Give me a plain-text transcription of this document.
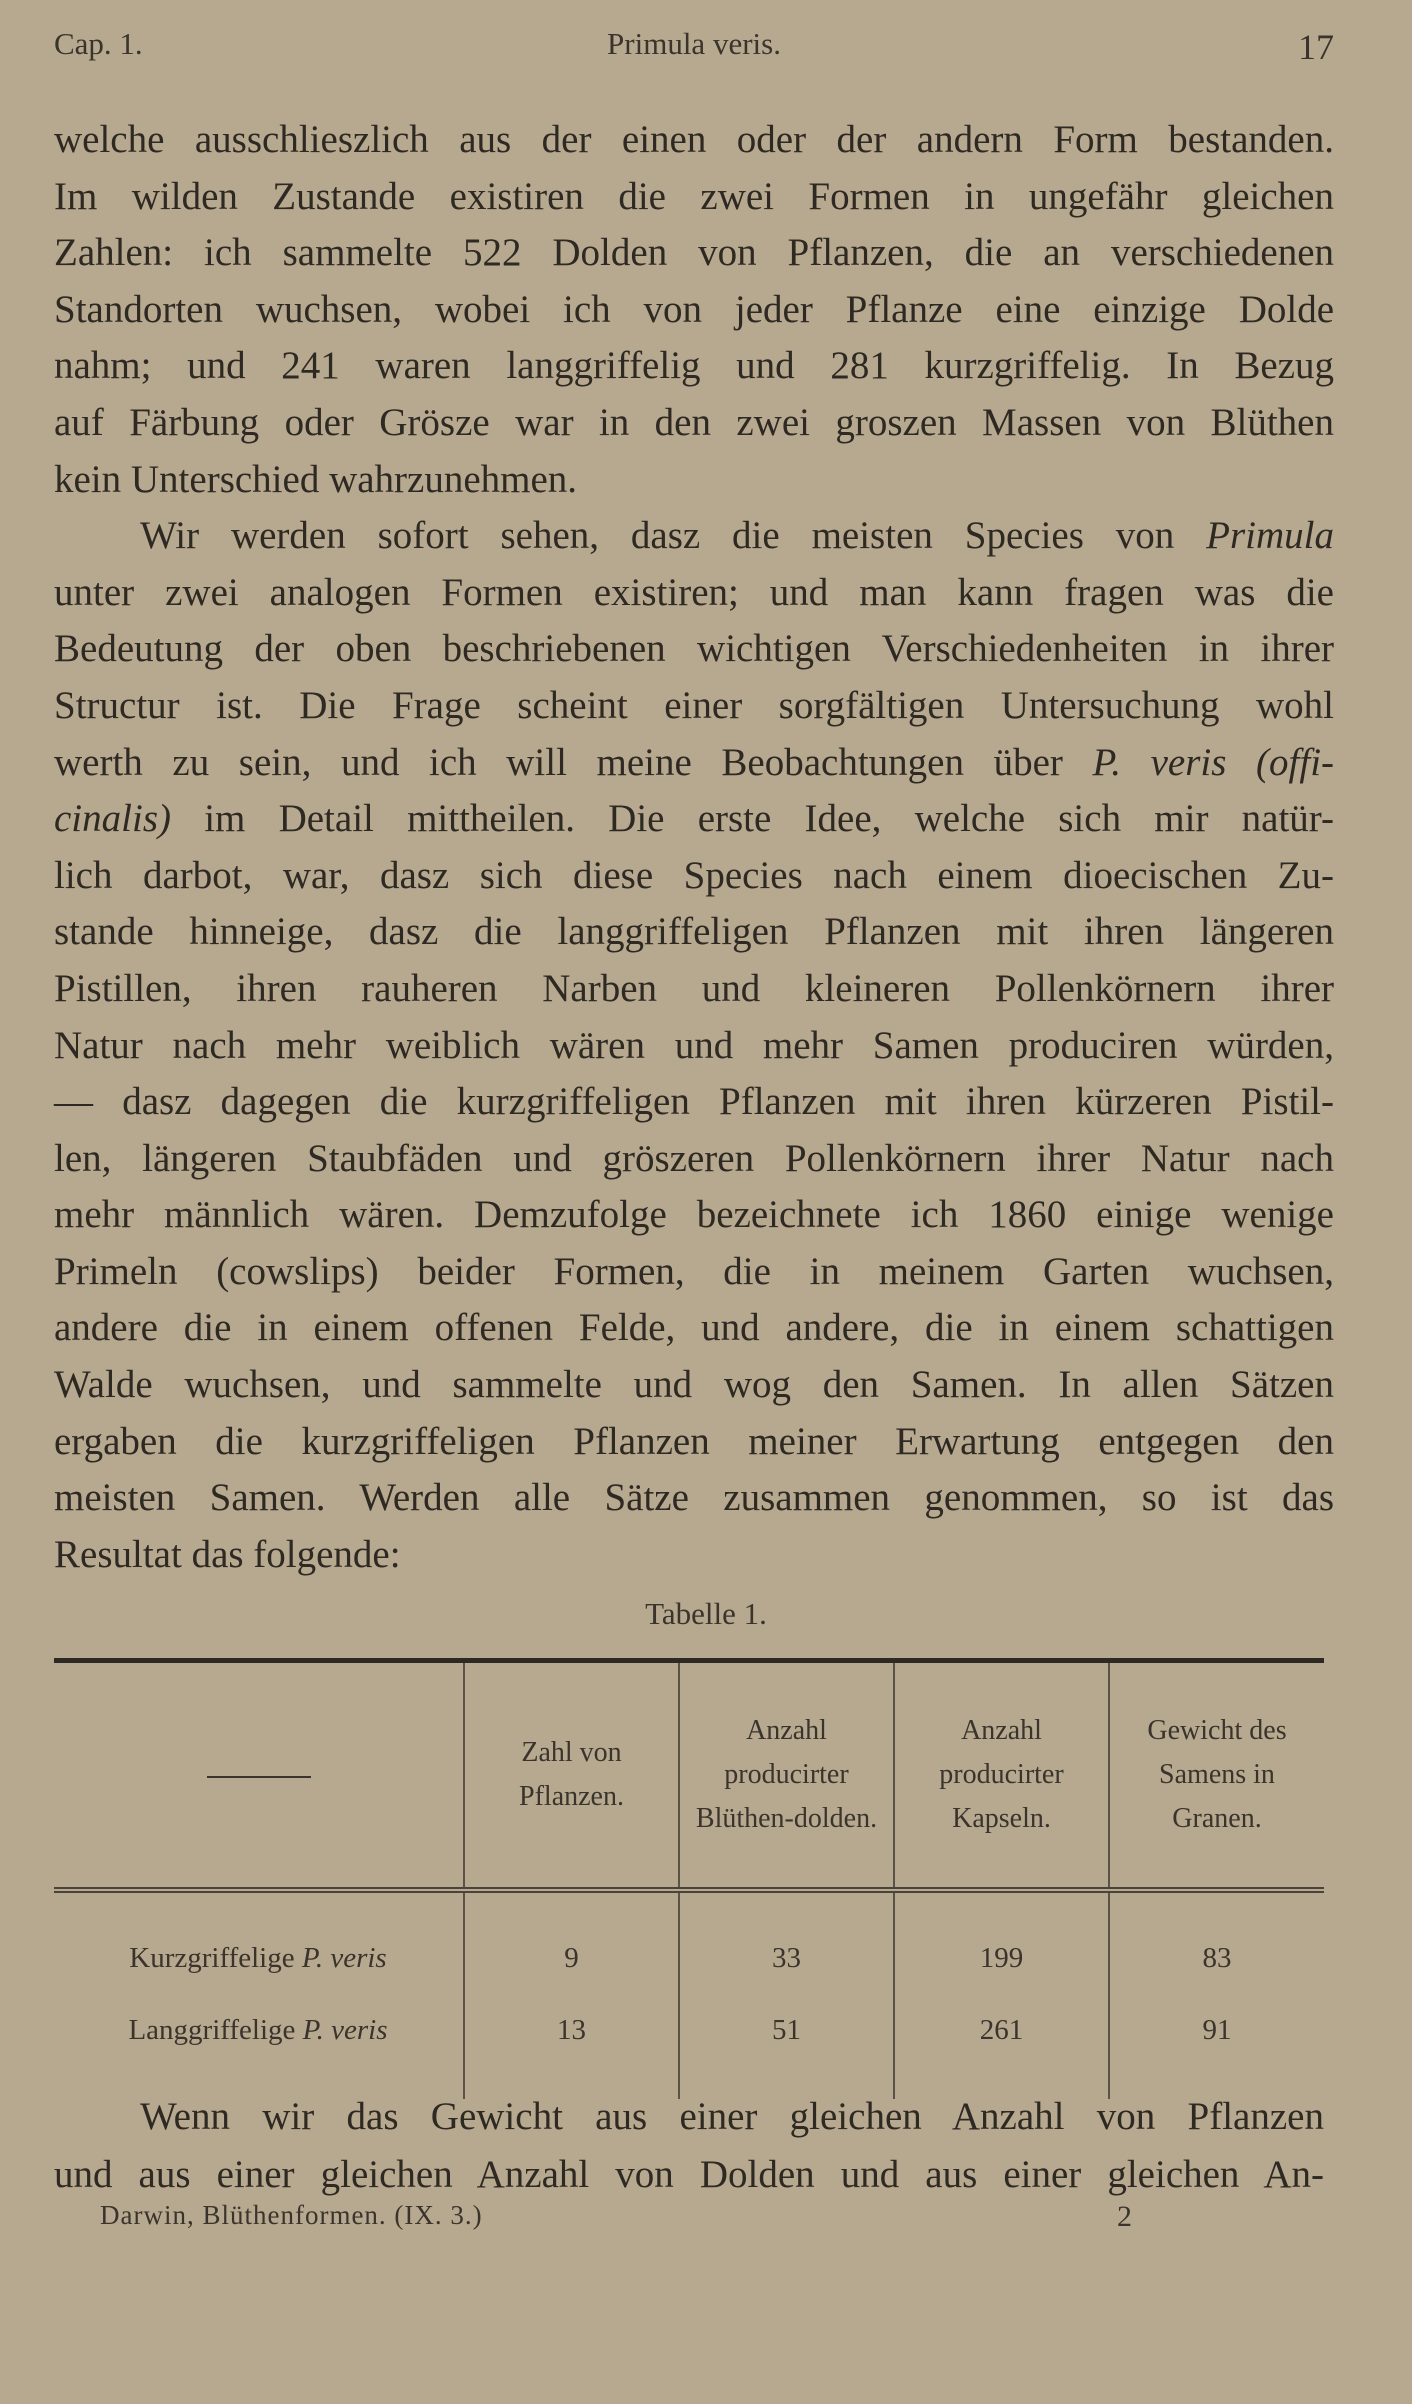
Cap. 1.	Primula veris.	17
welche ausschlieszlich aus der einen oder der andern Form bestanden.
Im wilden Zustande existiren die zwei Formen in ungefähr gleichen
Zahlen: ich sammelte 522 Dolden von Pflanzen, die an verschiedenen
Standorten wuchsen, wobei ich von jeder Pflanze eine einzige Dolde
nahm; und 241 waren langgriffelig und 281 kurzgriffelig. In Bezug
auf Färbung oder Grösze war in den zwei groszen Massen von Blüthen
kein Unterschied wahrzunehmen.
Wir werden sofort sehen, dasz die meisten Species von Primula
unter zwei analogen Formen existiren; und man kann fragen was die
Bedeutung der oben beschriebenen wichtigen Verschiedenheiten in ihrer
Structur ist. Die Frage scheint einer sorgfältigen Untersuchung wohl
werth zu sein, und ich will meine Beobachtungen über P. veris (offi-
cinalis) im Detail mittheilen. Die erste Idee, welche sich mir natür-
lich darbot, war, dasz sich diese Species nach einem dioecischen Zu-
stande hinneige, dasz die langgriffeligen Pflanzen mit ihren längeren
Pistillen, ihren rauheren Narben und kleineren Pollenkörnern ihrer
Natur nach mehr weiblich wären und mehr Samen produciren würden,
— dasz dagegen die kurzgriffeligen Pflanzen mit ihren kürzeren Pistil-
len, längeren Staubfäden und gröszeren Pollenkörnern ihrer Natur nach
mehr männlich wären. Demzufolge bezeichnete ich 1860 einige wenige
Primeln (cowslips) beider Formen, die in meinem Garten wuchsen,
andere die in einem offenen Felde, und andere, die in einem schattigen
Walde wuchsen, und sammelte und wog den Samen. In allen Sätzen
ergaben die kurzgriffeligen Pflanzen meiner Erwartung entgegen den
meisten Samen. Werden alle Sätze zusammen genommen, so ist das
Resultat das folgende:
Tabelle 1.
	Zahl von Pflanzen.	Anzahl producirter Blüthen-dolden.	Anzahl producirter Kapseln.	Gewicht des Samens in Granen.
Kurzgriffelige P. veris	9	33	199	83
Langgriffelige P. veris	13	51	261	91
Wenn wir das Gewicht aus einer gleichen Anzahl von Pflanzen
und aus einer gleichen Anzahl von Dolden und aus einer gleichen An-
Darwin, Blüthenformen. (IX. 3.)	2
